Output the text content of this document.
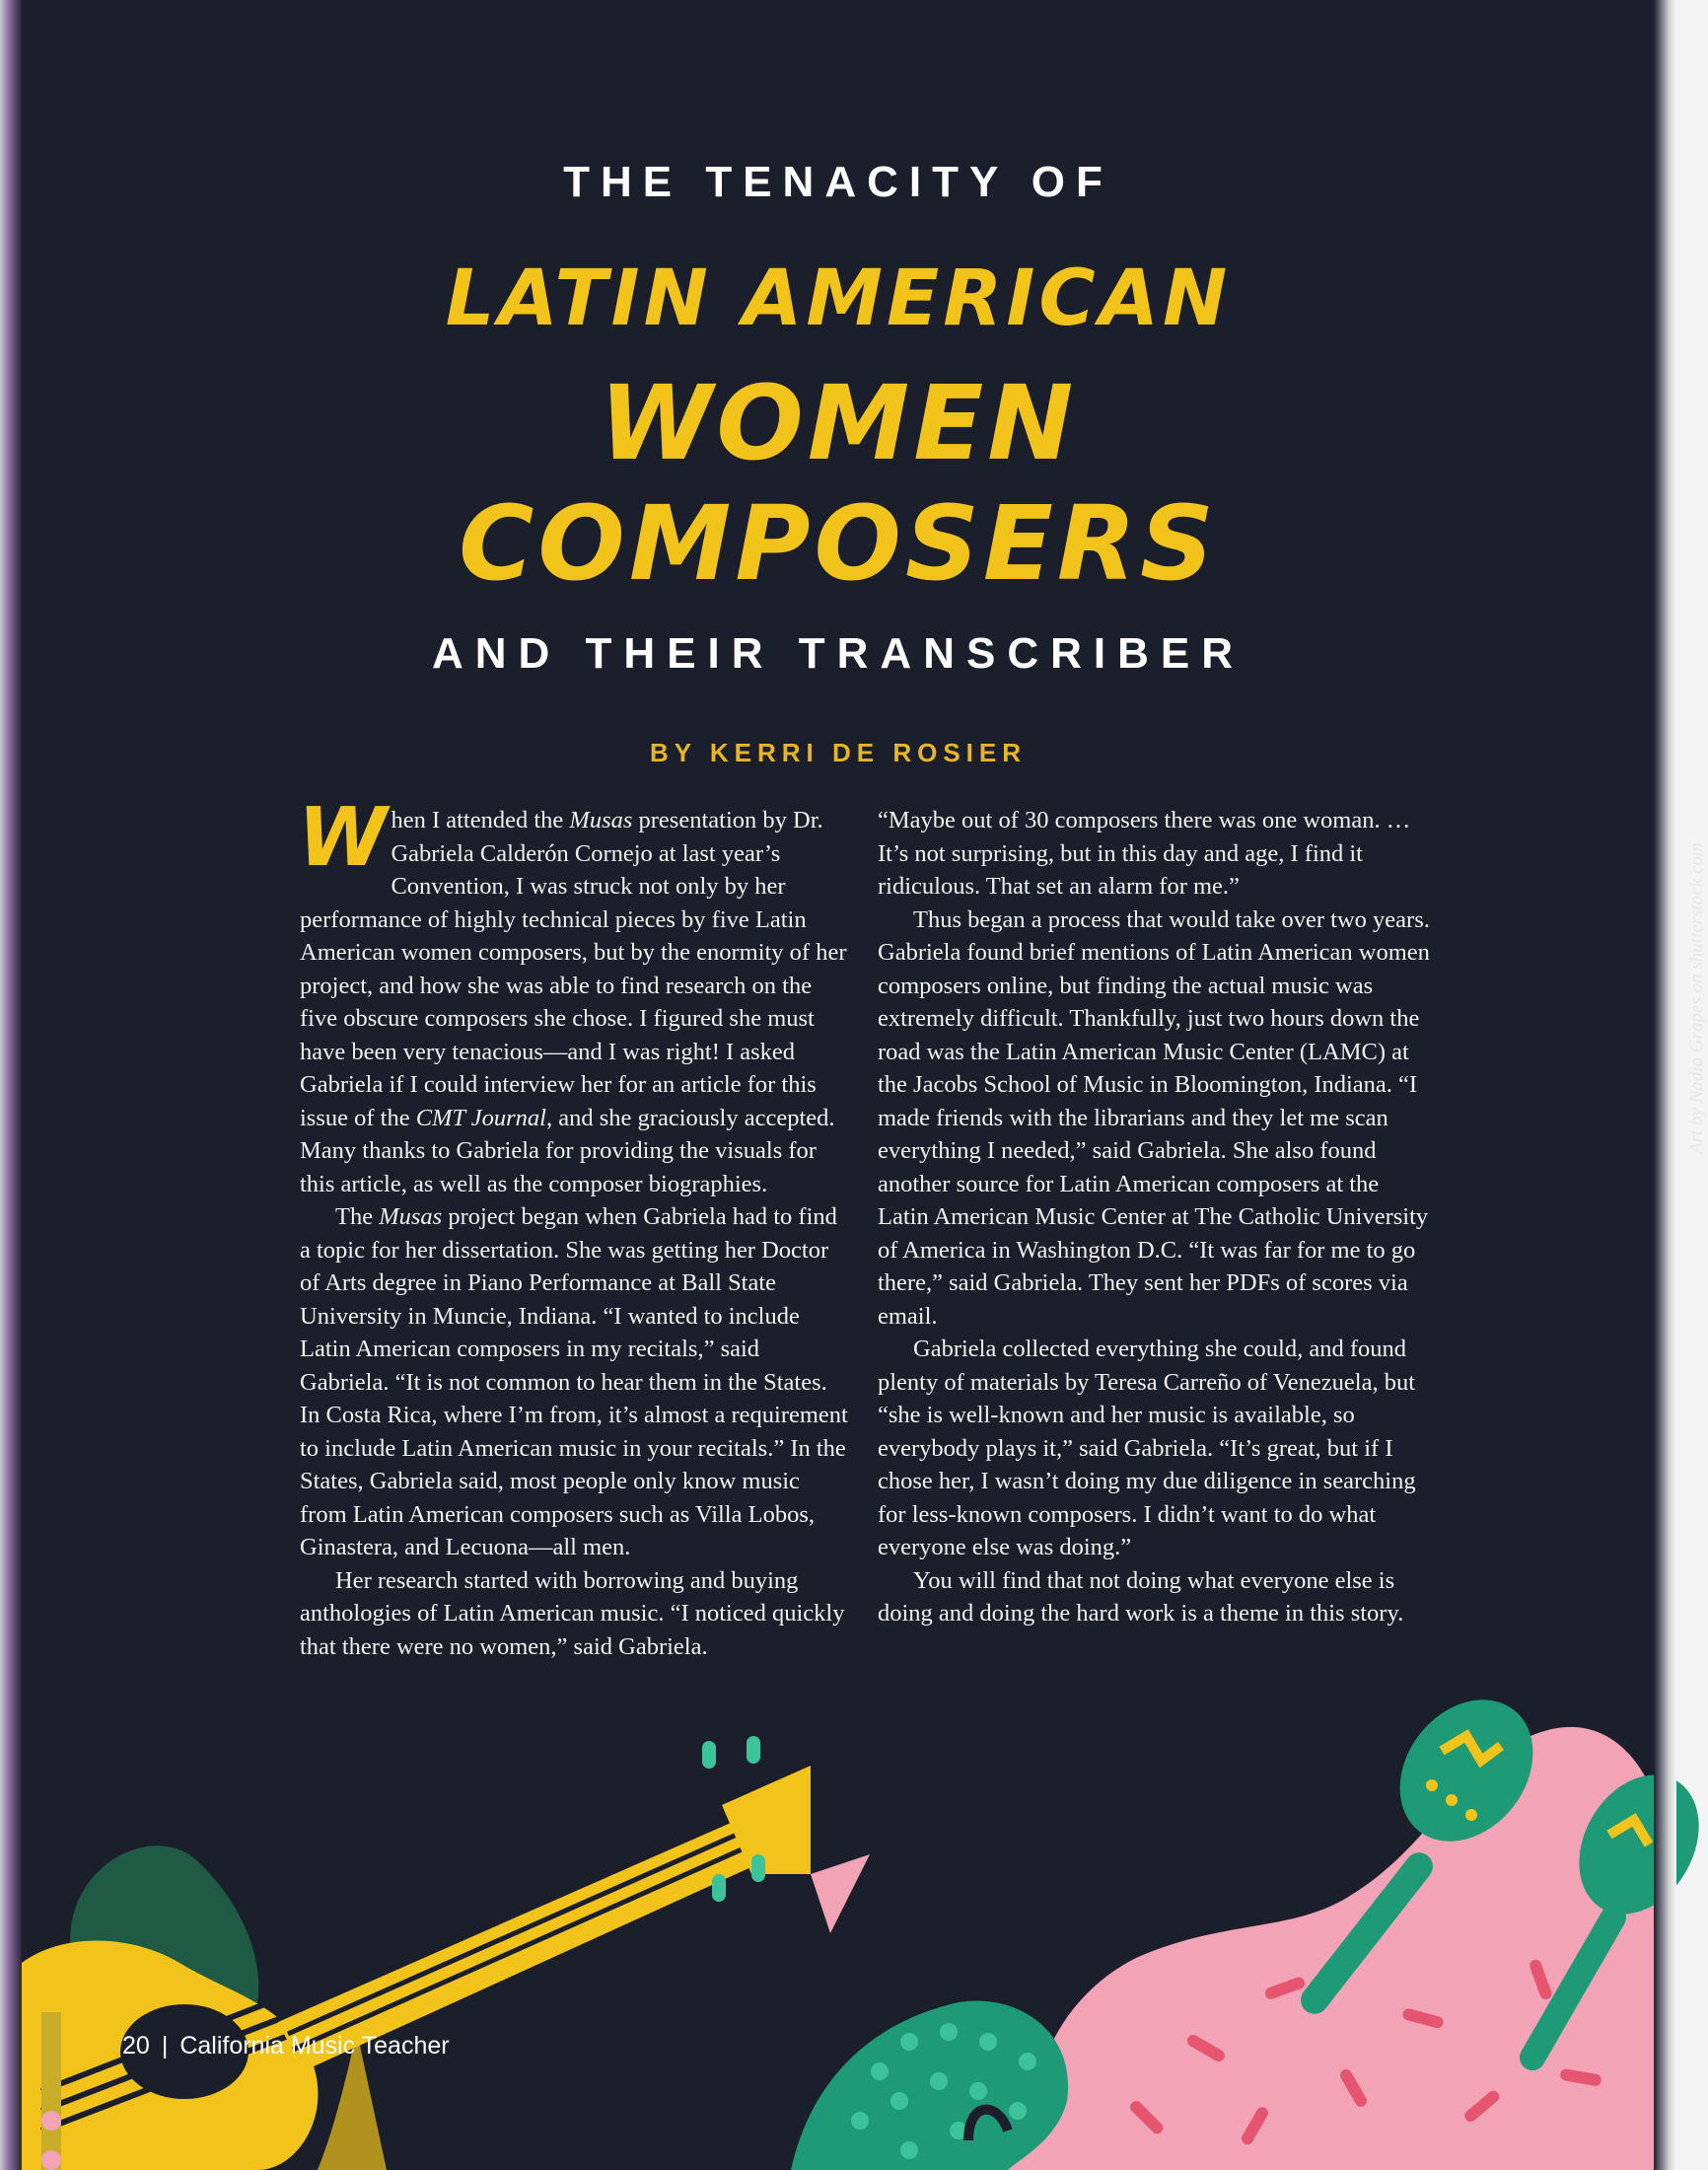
Art by Nadia Grapes on shutterstock.com
THE TENACITY OF
LATIN AMERICAN
WOMEN
COMPOSERS
AND THEIR TRANSCRIBER
BY KERRI DE ROSIER

When I attended the Musas presentation by Dr. Gabriela Calderón Cornejo at last year’s Convention, I was struck not only by her performance of highly technical pieces by five Latin American women composers, but by the enormity of her project, and how she was able to find research on the five obscure composers she chose. I figured she must have been very tenacious—and I was right! I asked Gabriela if I could interview her for an article for this issue of the CMT Journal, and she graciously accepted. Many thanks to Gabriela for providing the visuals for this article, as well as the composer biographies.

The Musas project began when Gabriela had to find a topic for her dissertation. She was getting her Doctor of Arts degree in Piano Performance at Ball State University in Muncie, Indiana. “I wanted to include Latin American composers in my recitals,” said Gabriela. “It is not common to hear them in the States. In Costa Rica, where I’m from, it’s almost a requirement to include Latin American music in your recitals.” In the States, Gabriela said, most people only know music from Latin American composers such as Villa Lobos, Ginastera, and Lecuona—all men.

Her research started with borrowing and buying anthologies of Latin American music. “I noticed quickly that there were no women,” said Gabriela.

“Maybe out of 30 composers there was one woman. … It’s not surprising, but in this day and age, I find it ridiculous. That set an alarm for me.”

Thus began a process that would take over two years. Gabriela found brief mentions of Latin American women composers online, but finding the actual music was extremely difficult. Thankfully, just two hours down the road was the Latin American Music Center (LAMC) at the Jacobs School of Music in Bloomington, Indiana. “I made friends with the librarians and they let me scan everything I needed,” said Gabriela. She also found another source for Latin American composers at the Latin American Music Center at The Catholic University of America in Washington D.C. “It was far for me to go there,” said Gabriela. They sent her PDFs of scores via email.

Gabriela collected everything she could, and found plenty of materials by Teresa Carreño of Venezuela, but “she is well-known and her music is available, so everybody plays it,” said Gabriela. “It’s great, but if I chose her, I wasn’t doing my due diligence in searching for less-known composers. I didn’t want to do what everyone else was doing.”

You will find that not doing what everyone else is doing and doing the hard work is a theme in this story.

20 | California Music Teacher
